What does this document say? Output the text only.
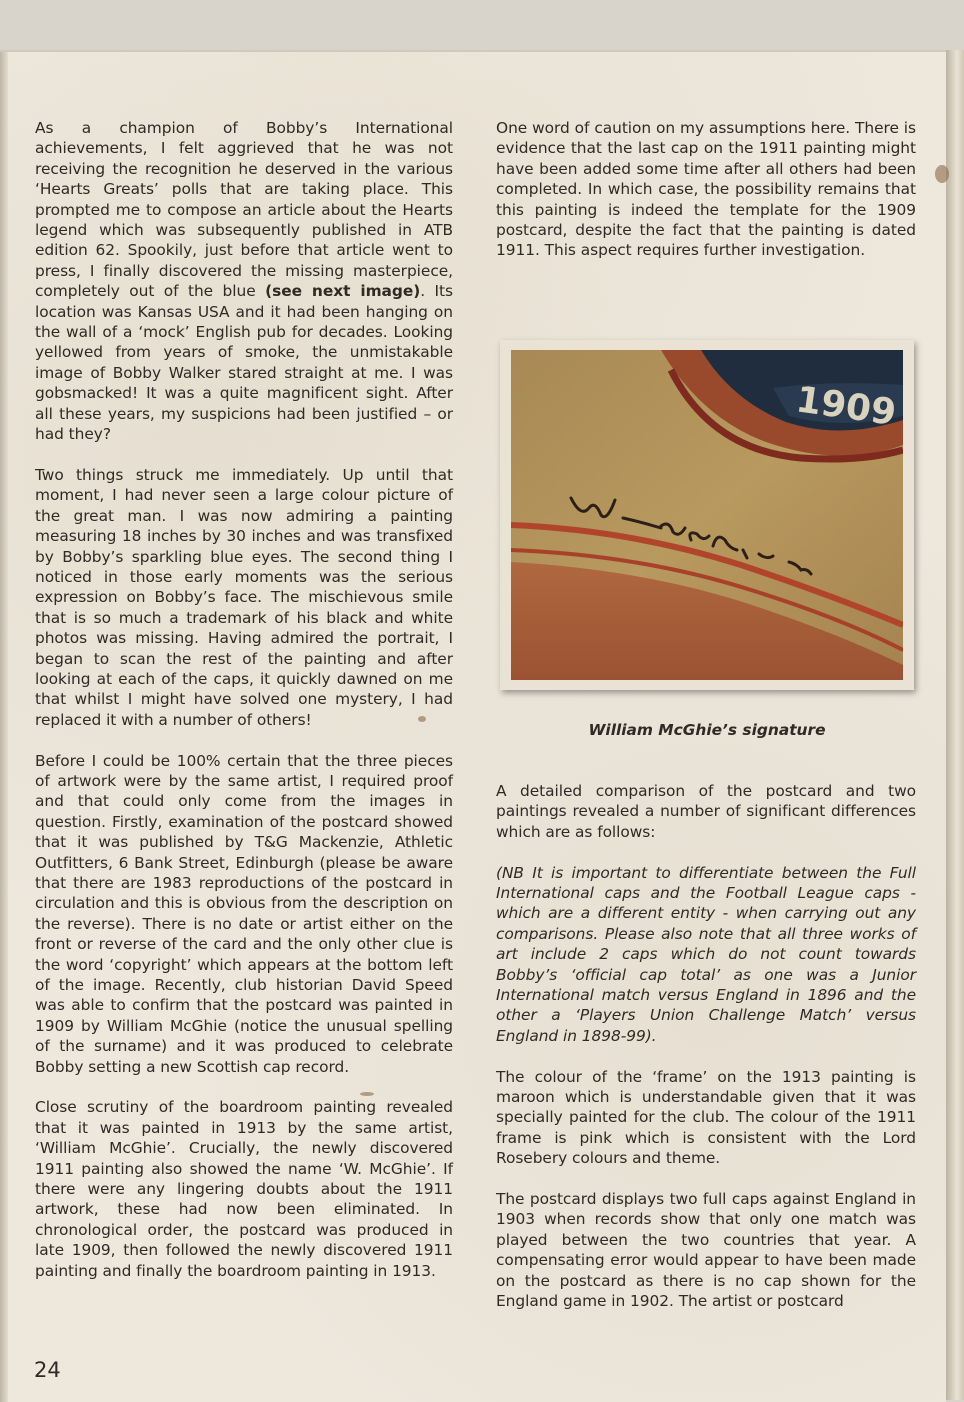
As a champion of Bobby’s International achievements, I felt aggrieved that he was not receiving the recognition he deserved in the various ‘Hearts Greats’ polls that are taking place. This prompted me to compose an article about the Hearts legend which was subsequently published in ATB edition 62. Spookily, just before that article went to press, I finally discovered the missing masterpiece, completely out of the blue (see next image). Its location was Kansas USA and it had been hanging on the wall of a ‘mock’ English pub for decades. Looking yellowed from years of smoke, the unmistakable image of Bobby Walker stared straight at me. I was gobsmacked! It was a quite magnificent sight. After all these years, my suspicions had been justified – or had they?

Two things struck me immediately. Up until that moment, I had never seen a large colour picture of the great man. I was now admiring a painting measuring 18 inches by 30 inches and was transfixed by Bobby’s sparkling blue eyes. The second thing I noticed in those early moments was the serious expression on Bobby’s face. The mischievous smile that is so much a trademark of his black and white photos was missing. Having admired the portrait, I began to scan the rest of the painting and after looking at each of the caps, it quickly dawned on me that whilst I might have solved one mystery, I had replaced it with a number of others!

Before I could be 100% certain that the three pieces of artwork were by the same artist, I required proof and that could only come from the images in question. Firstly, examination of the postcard showed that it was published by T&G Mackenzie, Athletic Outfitters, 6 Bank Street, Edinburgh (please be aware that there are 1983 reproductions of the postcard in circulation and this is obvious from the description on the reverse). There is no date or artist either on the front or reverse of the card and the only other clue is the word ‘copyright’ which appears at the bottom left of the image. Recently, club historian David Speed was able to confirm that the postcard was painted in 1909 by William McGhie (notice the unusual spelling of the surname) and it was produced to celebrate Bobby setting a new Scottish cap record.

Close scrutiny of the boardroom painting revealed that it was painted in 1913 by the same artist, ‘William McGhie’. Crucially, the newly discovered 1911 painting also showed the name ‘W. McGhie’. If there were any lingering doubts about the 1911 artwork, these had now been eliminated. In chronological order, the postcard was produced in late 1909, then followed the newly discovered 1911 painting and finally the boardroom painting in 1913.

One word of caution on my assumptions here. There is evidence that the last cap on the 1911 painting might have been added some time after all others had been completed. In which case, the possibility remains that this painting is indeed the template for the 1909 postcard, despite the fact that the painting is dated 1911. This aspect requires further investigation.

1909
William McGhie’s signature

A detailed comparison of the postcard and two paintings revealed a number of significant differences which are as follows:

(NB It is important to differentiate between the Full International caps and the Football League caps - which are a different entity - when carrying out any comparisons. Please also note that all three works of art include 2 caps which do not count towards Bobby’s ‘official cap total’ as one was a Junior International match versus England in 1896 and the other a ‘Players Union Challenge Match’ versus England in 1898-99).

The colour of the ‘frame’ on the 1913 painting is maroon which is understandable given that it was specially painted for the club. The colour of the 1911 frame is pink which is consistent with the Lord Rosebery colours and theme.

The postcard displays two full caps against England in 1903 when records show that only one match was played between the two countries that year. A compensating error would appear to have been made on the postcard as there is no cap shown for the England game in 1902. The artist or postcard

24
